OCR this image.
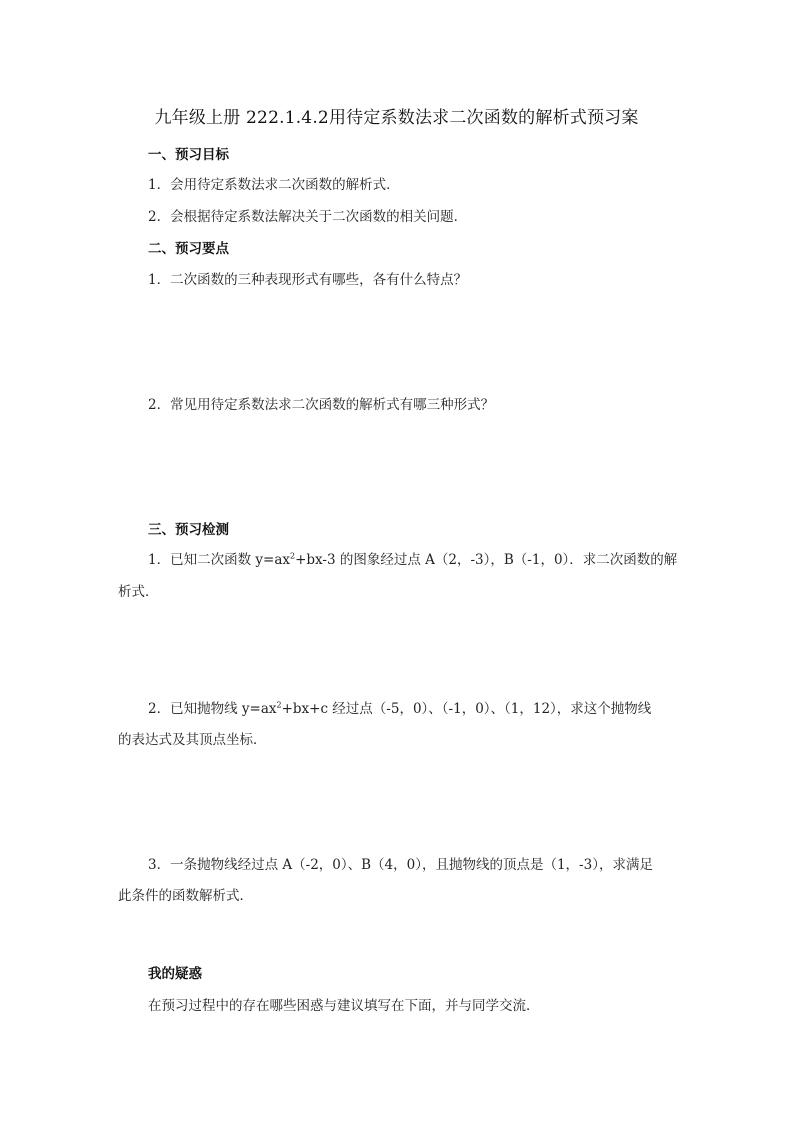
九年级上册 222.1.4.2用待定系数法求二次函数的解析式预习案
一、预习目标
1．会用待定系数法求二次函数的解析式．
2．会根据待定系数法解决关于二次函数的相关问题．
二、预习要点
1．二次函数的三种表现形式有哪些，各有什么特点？
2．常见用待定系数法求二次函数的解析式有哪三种形式？
三、预习检测
1．已知二次函数 $y=ax^2+bx-3$ 的图象经过点 A（2，-3），B（-1，0）．求二次函数的解
析式．
2．已知抛物线 $y=ax^2+bx+c$ 经过点（-5，0）、（-1，0）、（1，12），求这个抛物线
的表达式及其顶点坐标．
3．一条抛物线经过点 A（-2，0）、B（4，0），且抛物线的顶点是（1，-3），求满足
此条件的函数解析式．
我的疑惑
在预习过程中的存在哪些困惑与建议填写在下面，并与同学交流．
